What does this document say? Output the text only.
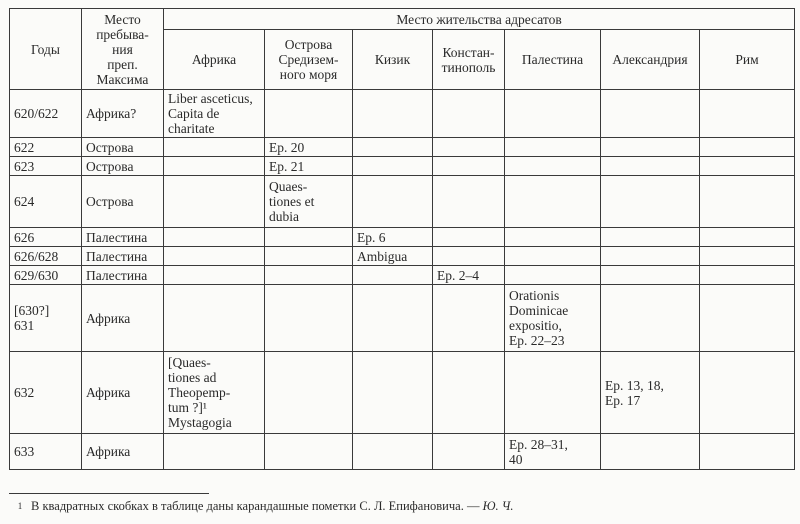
Годы	Место
пребыва-
ния
преп.
Максима	Место жительства адресатов						
		Африка	Острова
Средизем-
ного моря	Кизик	Констан-
тинополь	Палестина	Александрия	Рим
620/622	Африка?	Liber asceticus,
Capita de
charitate						
622	Острова		Ep. 20					
623	Острова		Ep. 21					
624	Острова		Quaes-
tiones et
dubia					
626	Палестина			Ep. 6				
626/628	Палестина			Ambigua				
629/630	Палестина				Ep. 2–4			
[630?]
631	Африка					Orationis
Dominicae
expositio,
Ep. 22–23		
632	Африка	[Quaes-
tiones ad
Theopemp-
tum ?]¹
Mystagogia					Ep. 13, 18,
Ep. 17	
633	Африка					Ep. 28–31,
40		
1 В квадратных скобках в таблице даны карандашные пометки С. Л. Епифановича. — Ю. Ч.
